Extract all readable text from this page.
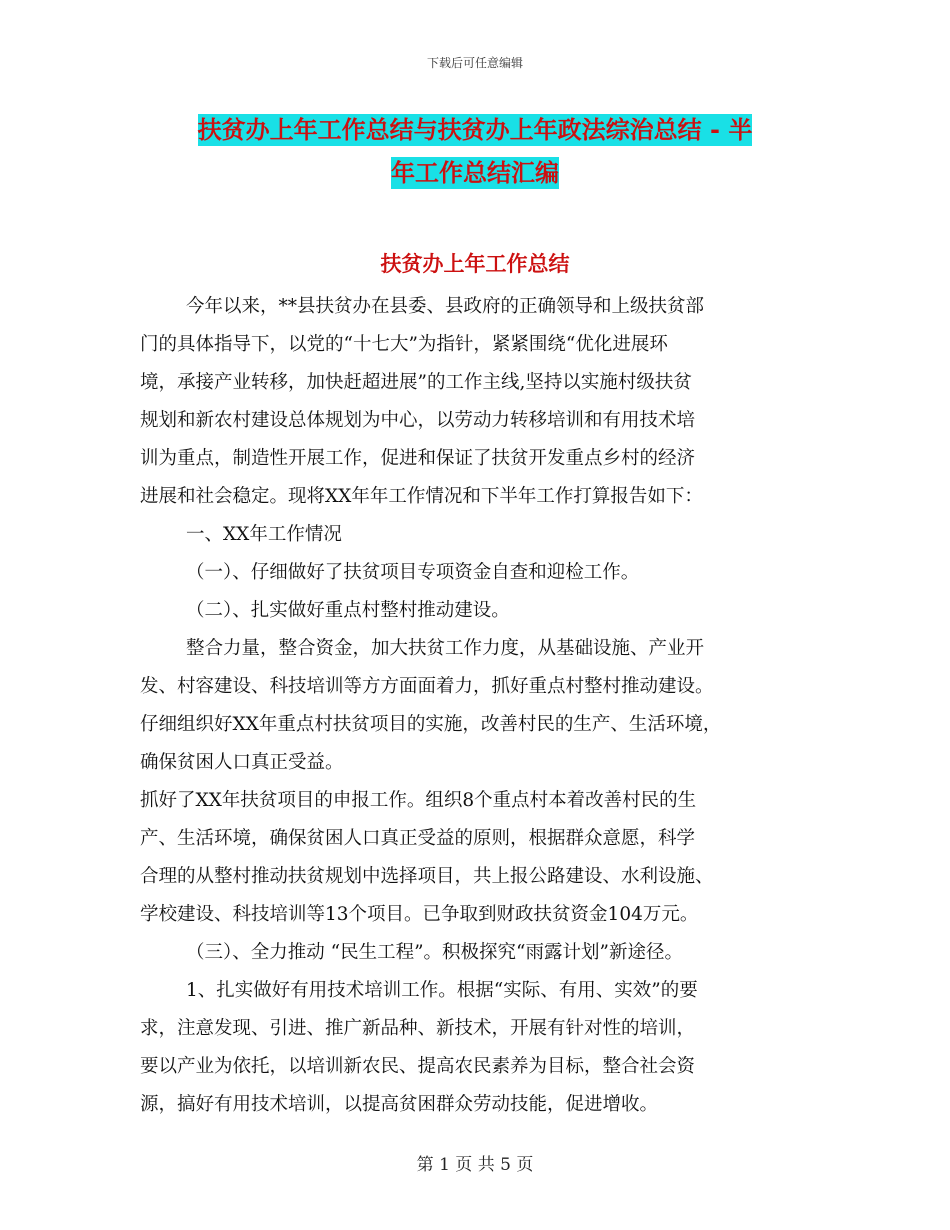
下载后可任意编辑
扶贫办上年工作总结与扶贫办上年政法综治总结 - 半
年工作总结汇编
扶贫办上年工作总结
今年以来，**县扶贫办在县委、县政府的正确领导和上级扶贫部
门的具体指导下，以党的“十七大”为指针，紧紧围绕“优化进展环
境，承接产业转移，加快赶超进展”的工作主线,坚持以实施村级扶贫
规划和新农村建设总体规划为中心，以劳动力转移培训和有用技术培
训为重点，制造性开展工作，促进和保证了扶贫开发重点乡村的经济
进展和社会稳定。现将XX年年工作情况和下半年工作打算报告如下：
一、XX年工作情况
（一）、仔细做好了扶贫项目专项资金自查和迎检工作。
（二）、扎实做好重点村整村推动建设。
整合力量，整合资金，加大扶贫工作力度，从基础设施、产业开
发、村容建设、科技培训等方方面面着力，抓好重点村整村推动建设。
仔细组织好XX年重点村扶贫项目的实施，改善村民的生产、生活环境，
确保贫困人口真正受益。
抓好了XX年扶贫项目的申报工作。组织8个重点村本着改善村民的生
产、生活环境，确保贫困人口真正受益的原则，根据群众意愿，科学
合理的从整村推动扶贫规划中选择项目，共上报公路建设、水利设施、
学校建设、科技培训等13个项目。已争取到财政扶贫资金104万元。
（三）、全力推动 “民生工程”。积极探究“雨露计划”新途径。
1、扎实做好有用技术培训工作。根据“实际、有用、实效”的要
求，注意发现、引进、推广新品种、新技术，开展有针对性的培训，
要以产业为依托，以培训新农民、提高农民素养为目标，整合社会资
源，搞好有用技术培训，以提高贫困群众劳动技能，促进增收。
第 1 页 共 5 页
